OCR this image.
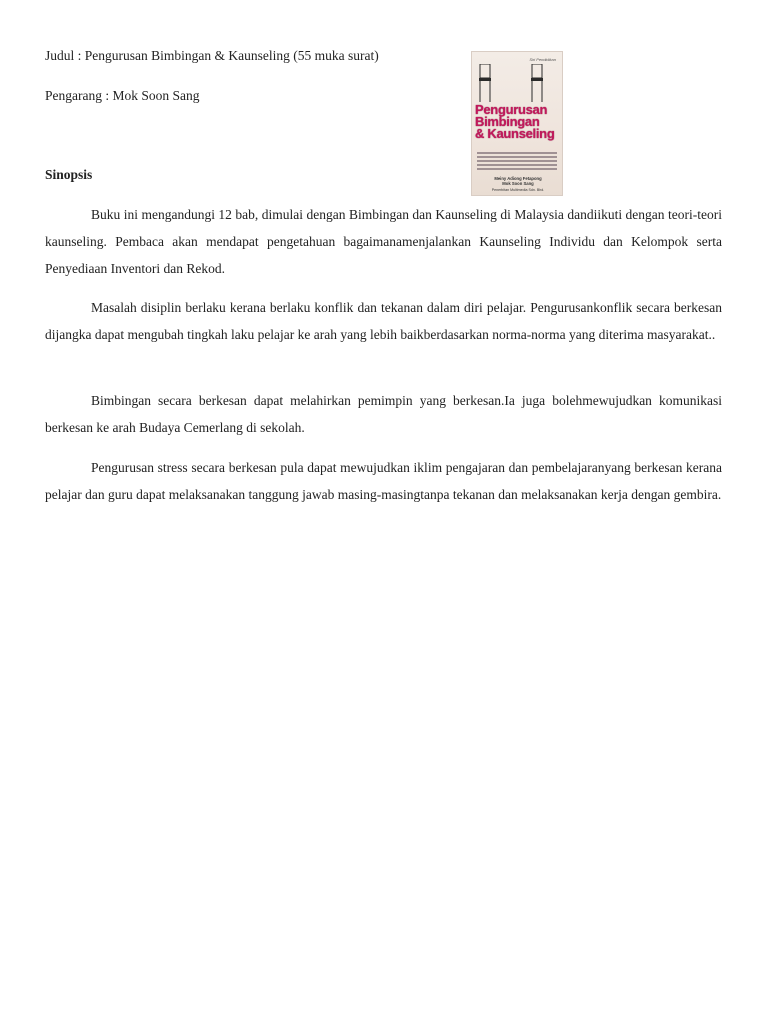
Judul : Pengurusan Bimbingan & Kaunseling (55 muka surat)

Pengarang : Mok Soon Sang

Siri Pendidikan
Pengurusan
Bimbingan
& Kaunseling
Meiny Adiong Fetapong
Mok Soon Sang
Penerbitan Multimedia Sdn. Bhd.

Sinopsis

Buku ini mengandungi 12 bab, dimulai dengan Bimbingan dan Kaunseling di Malaysia dandiikuti dengan teori-teori kaunseling. Pembaca akan mendapat pengetahuan bagaimanamenjalankan Kaunseling Individu dan Kelompok serta Penyediaan Inventori dan Rekod.

Masalah disiplin berlaku kerana berlaku konflik dan tekanan dalam diri pelajar. Pengurusankonflik secara berkesan dijangka dapat mengubah tingkah laku pelajar ke arah yang lebih baikberdasarkan norma-norma yang diterima masyarakat..

Bimbingan secara berkesan dapat melahirkan pemimpin yang berkesan.Ia juga bolehmewujudkan komunikasi berkesan ke arah Budaya Cemerlang di sekolah.

Pengurusan stress secara berkesan pula dapat mewujudkan iklim pengajaran dan pembelajaranyang berkesan kerana pelajar dan guru dapat melaksanakan tanggung jawab masing-masingtanpa tekanan dan melaksanakan kerja dengan gembira.
